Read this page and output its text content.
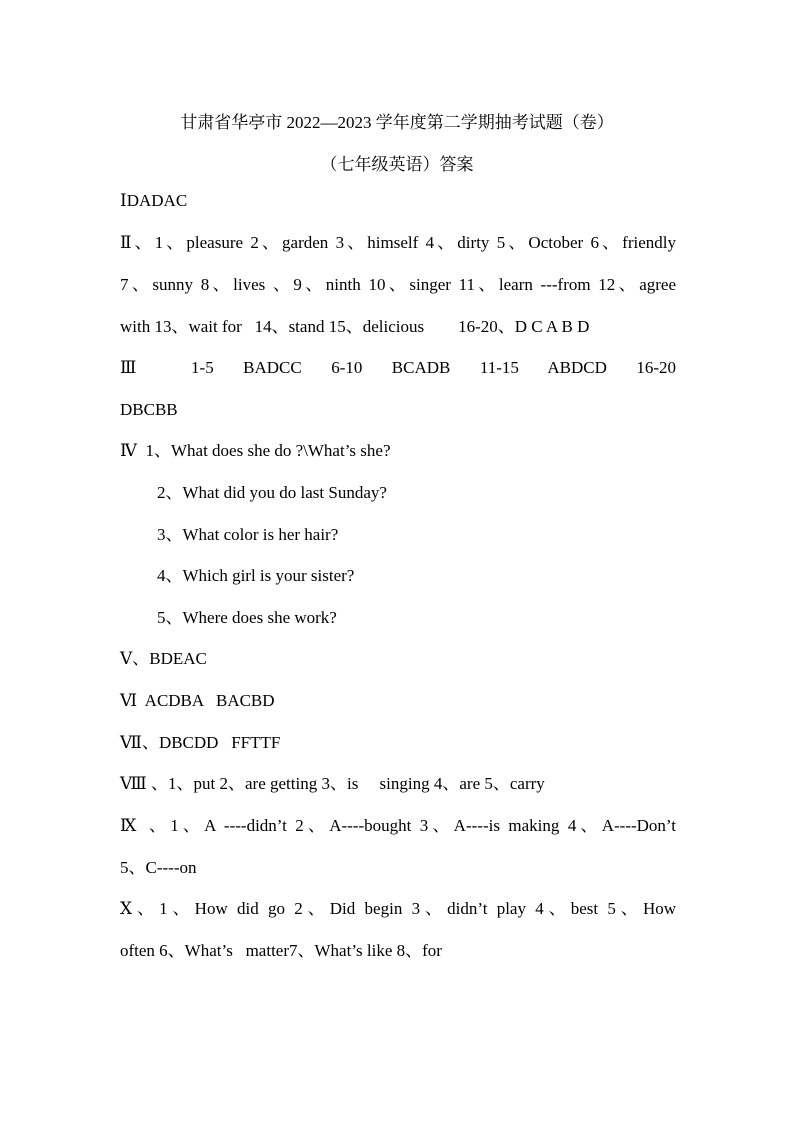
甘肃省华亭市 2022—2023 学年度第二学期抽考试题（卷）
（七年级英语）答案
ⅠDADAC
Ⅱ、1、pleasure 2、garden 3、himself 4、dirty 5、October 6、friendly
7、sunny 8、lives 、9、ninth 10、singer 11、learn ---from 12、agree
with 13、wait for   14、stand 15、delicious        16-20、D C A B D
Ⅲ 1-5 BADCC 6-10 BCADB 11-15 ABDCD 16-20
DBCBB
Ⅳ  1、What does she do ?\What’s she?
2、What did you do last Sunday?
3、What color is her hair?
4、Which girl is your sister?
5、Where does she work?
Ⅴ、BDEAC
Ⅵ  ACDBA   BACBD
Ⅶ、DBCDD   FFTTF
Ⅷ 、1、put 2、are getting 3、is     singing 4、are 5、carry
Ⅸ 、1、A ----didn’t 2、A----bought 3、A----is making 4、A----Don’t
5、C----on
Ⅹ、1、How did go 2、Did begin 3、didn’t play 4、best 5、How
often 6、What’s   matter7、What’s like 8、for
